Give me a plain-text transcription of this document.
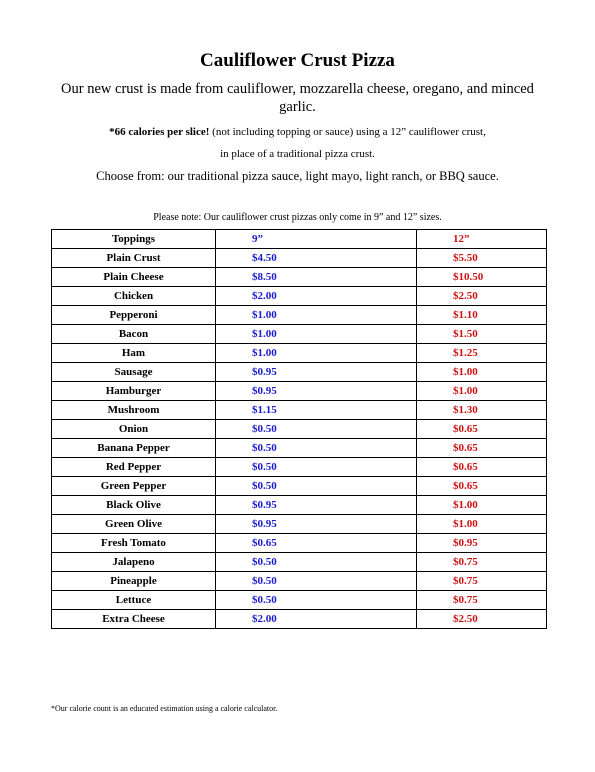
Cauliflower Crust Pizza
Our new crust is made from cauliflower, mozzarella cheese, oregano, and minced garlic.
*66 calories per slice! (not including topping or sauce) using a 12” cauliflower crust,
in place of a traditional pizza crust.
Choose from: our traditional pizza sauce, light mayo, light ranch, or BBQ sauce.
Please note: Our cauliflower crust pizzas only come in 9” and 12” sizes.
Toppings	9”	12”
Plain Crust	$4.50	$5.50
Plain Cheese	$8.50	$10.50
Chicken	$2.00	$2.50
Pepperoni	$1.00	$1.10
Bacon	$1.00	$1.50
Ham	$1.00	$1.25
Sausage	$0.95	$1.00
Hamburger	$0.95	$1.00
Mushroom	$1.15	$1.30
Onion	$0.50	$0.65
Banana Pepper	$0.50	$0.65
Red Pepper	$0.50	$0.65
Green Pepper	$0.50	$0.65
Black Olive	$0.95	$1.00
Green Olive	$0.95	$1.00
Fresh Tomato	$0.65	$0.95
Jalapeno	$0.50	$0.75
Pineapple	$0.50	$0.75
Lettuce	$0.50	$0.75
Extra Cheese	$2.00	$2.50
*Our calorie count is an educated estimation using a calorie calculator.
